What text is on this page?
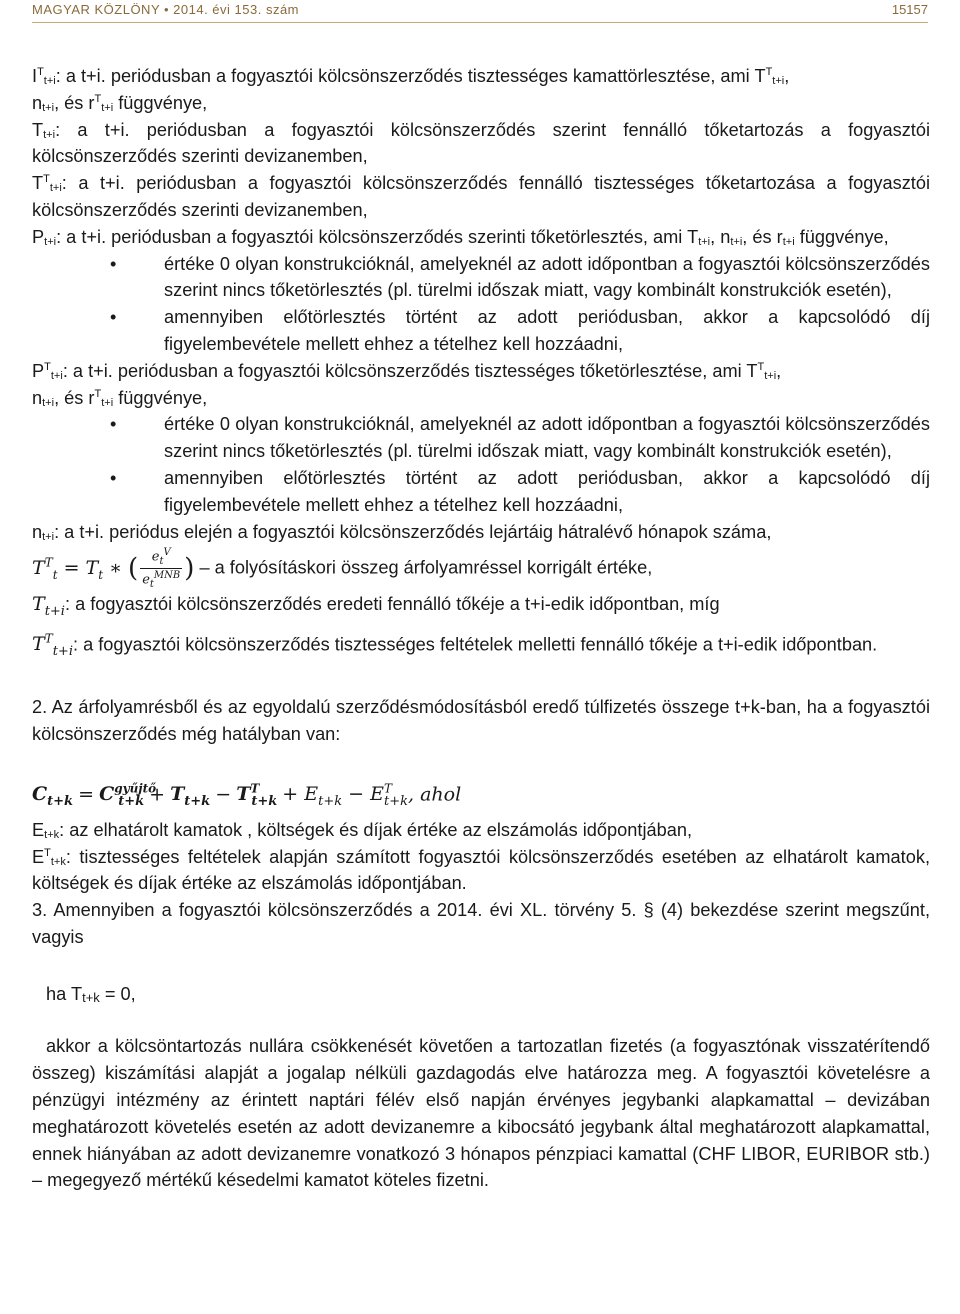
MAGYAR KÖZLÖNY • 2014. évi 153. szám	15157

$I^Tt+i$: a t+i. periódusban a fogyasztói kölcsönszerződés tisztességes kamattörlesztése, ami $T^Tt+i$,
nt+i, és $r^Tt+i$ függvénye,

Tt+i: a t+i. periódusban a fogyasztói kölcsönszerződés szerint fennálló tőketartozás a fogyasztói kölcsönszerződés szerinti devizanemben,

$T^Tt+i$: a t+i. periódusban a fogyasztói kölcsönszerződés fennálló tisztességes tőketartozása a fogyasztói kölcsönszerződés szerinti devizanemben,

Pt+i: a t+i. periódusban a fogyasztói kölcsönszerződés szerinti tőketörlesztés, ami Tt+i, nt+i, és rt+i függvénye,

•	értéke 0 olyan konstrukcióknál, amelyeknél az adott időpontban a fogyasztói kölcsönszerződés szerint nincs tőketörlesztés (pl. türelmi időszak miatt, vagy kombinált konstrukciók esetén),
•	amennyiben előtörlesztés történt az adott periódusban, akkor a kapcsolódó díj figyelembevétele mellett ehhez a tételhez kell hozzáadni,

$P^Tt+i$: a t+i. periódusban a fogyasztói kölcsönszerződés tisztességes tőketörlesztése, ami $T^Tt+i$,
nt+i, és $r^Tt+i$ függvénye,

•	értéke 0 olyan konstrukcióknál, amelyeknél az adott időpontban a fogyasztói kölcsönszerződés szerint nincs tőketörlesztés (pl. türelmi időszak miatt, vagy kombinált konstrukciók esetén),
•	amennyiben előtörlesztés történt az adott periódusban, akkor a kapcsolódó díj figyelembevétele mellett ehhez a tételhez kell hozzáadni,

nt+i: a t+i. periódus elején a fogyasztói kölcsönszerződés lejártáig hátralévő hónapok száma,

$T^T_t = T_t$ ∗ ( $\frac{e_t^V}{e_t^{MNB}}$ ) – a folyósításkori összeg árfolyamréssel korrigált értéke,

$T_{t+i}$: a fogyasztói kölcsönszerződés eredeti fennálló tőkéje a t+i-edik időpontban, míg

$T^T_{t+i}$: a fogyasztói kölcsönszerződés tisztességes feltételek melletti fennálló tőkéje a t+i-edik időpontban.

2. Az árfolyamrésből és az egyoldalú szerződésmódosításból eredő túlfizetés összege t+k-ban, ha a fogyasztói kölcsönszerződés még hatályban van:

$C_{t+k} = C^{gyűjtő}_{t+k} + T_{t+k} - T^T_{t+k} + E_{t+k} - E^T_{t+k}$, ahol

Et+k: az elhatárolt kamatok , költségek és díjak értéke az elszámolás időpontjában,

$E^Tt+k$: tisztességes feltételek alapján számított fogyasztói kölcsönszerződés esetében az elhatárolt kamatok, költségek és díjak értéke az elszámolás időpontjában.

3. Amennyiben a fogyasztói kölcsönszerződés a 2014. évi XL. törvény 5. § (4) bekezdése szerint megszűnt, vagyis

ha Tt+k = 0,

akkor a kölcsöntartozás nullára csökkenését követően a tartozatlan fizetés (a fogyasztónak visszatérítendő összeg) kiszámítási alapját a jogalap nélküli gazdagodás elve határozza meg. A fogyasztói követelésre a pénzügyi intézmény az érintett naptári félév első napján érvényes jegybanki alapkamattal – devizában meghatározott követelés esetén az adott devizanemre a kibocsátó jegybank által meghatározott alapkamattal, ennek hiányában az adott devizanemre vonatkozó 3 hónapos pénzpiaci kamattal (CHF LIBOR, EURIBOR stb.) – megegyező mértékű késedelmi kamatot köteles fizetni.
